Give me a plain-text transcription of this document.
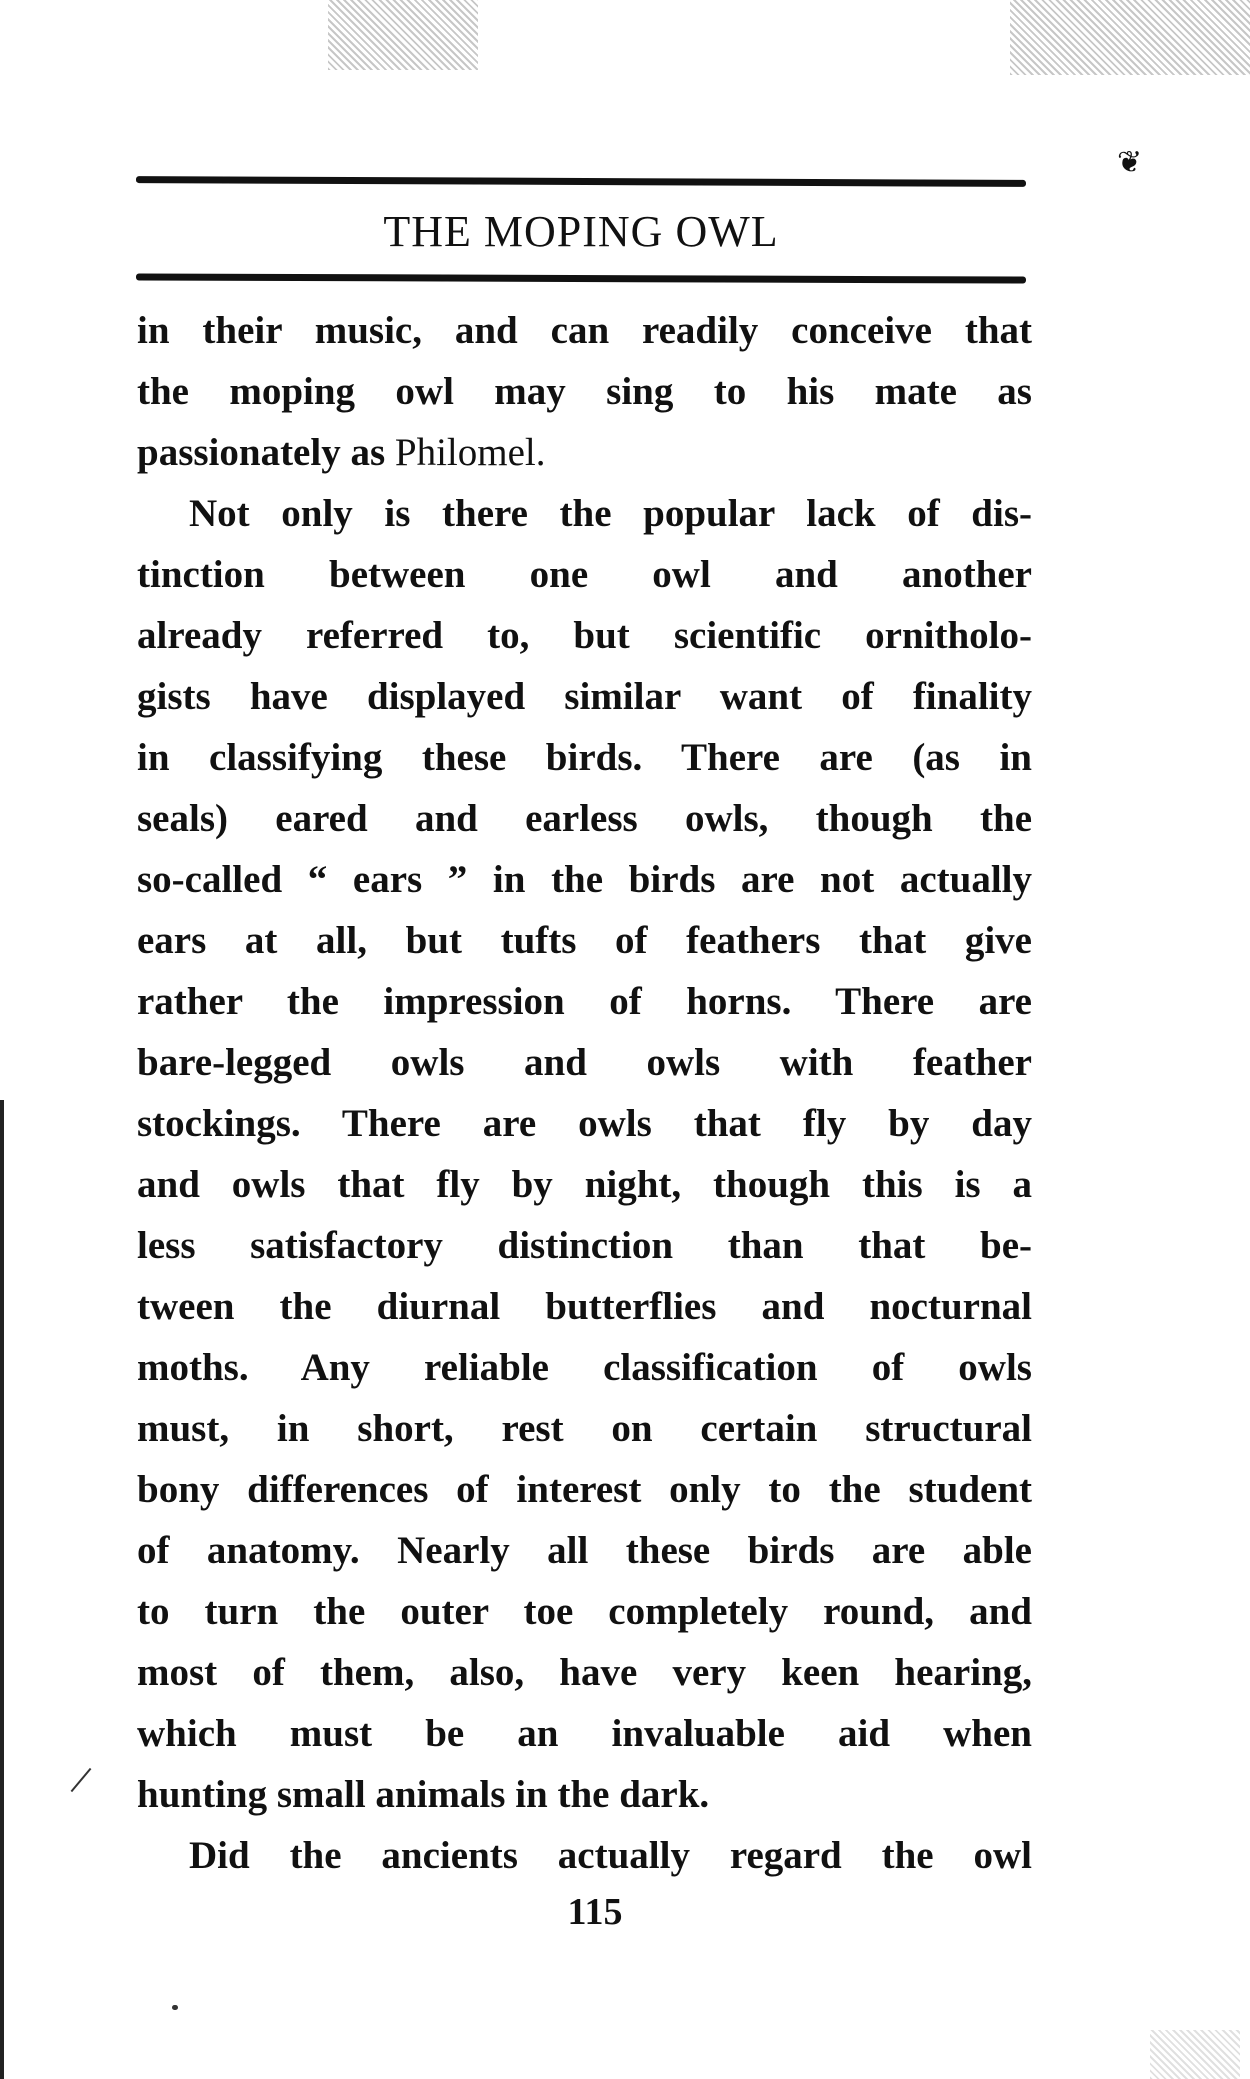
❦
THE MOPING OWL
in their music, and can readily conceive that
the moping owl may sing to his mate as
passionately as Philomel.
Not only is there the popular lack of dis-
tinction between one owl and another
already referred to, but scientific ornitholo-
gists have displayed similar want of finality
in classifying these birds. There are (as in
seals) eared and earless owls, though the
so-called “ ears ” in the birds are not actually
ears at all, but tufts of feathers that give
rather the impression of horns. There are
bare-legged owls and owls with feather
stockings. There are owls that fly by day
and owls that fly by night, though this is a
less satisfactory distinction than that be-
tween the diurnal butterflies and nocturnal
moths. Any reliable classification of owls
must, in short, rest on certain structural
bony differences of interest only to the student
of anatomy. Nearly all these birds are able
to turn the outer toe completely round, and
most of them, also, have very keen hearing,
which must be an invaluable aid when
hunting small animals in the dark.
Did the ancients actually regard the owl
115
